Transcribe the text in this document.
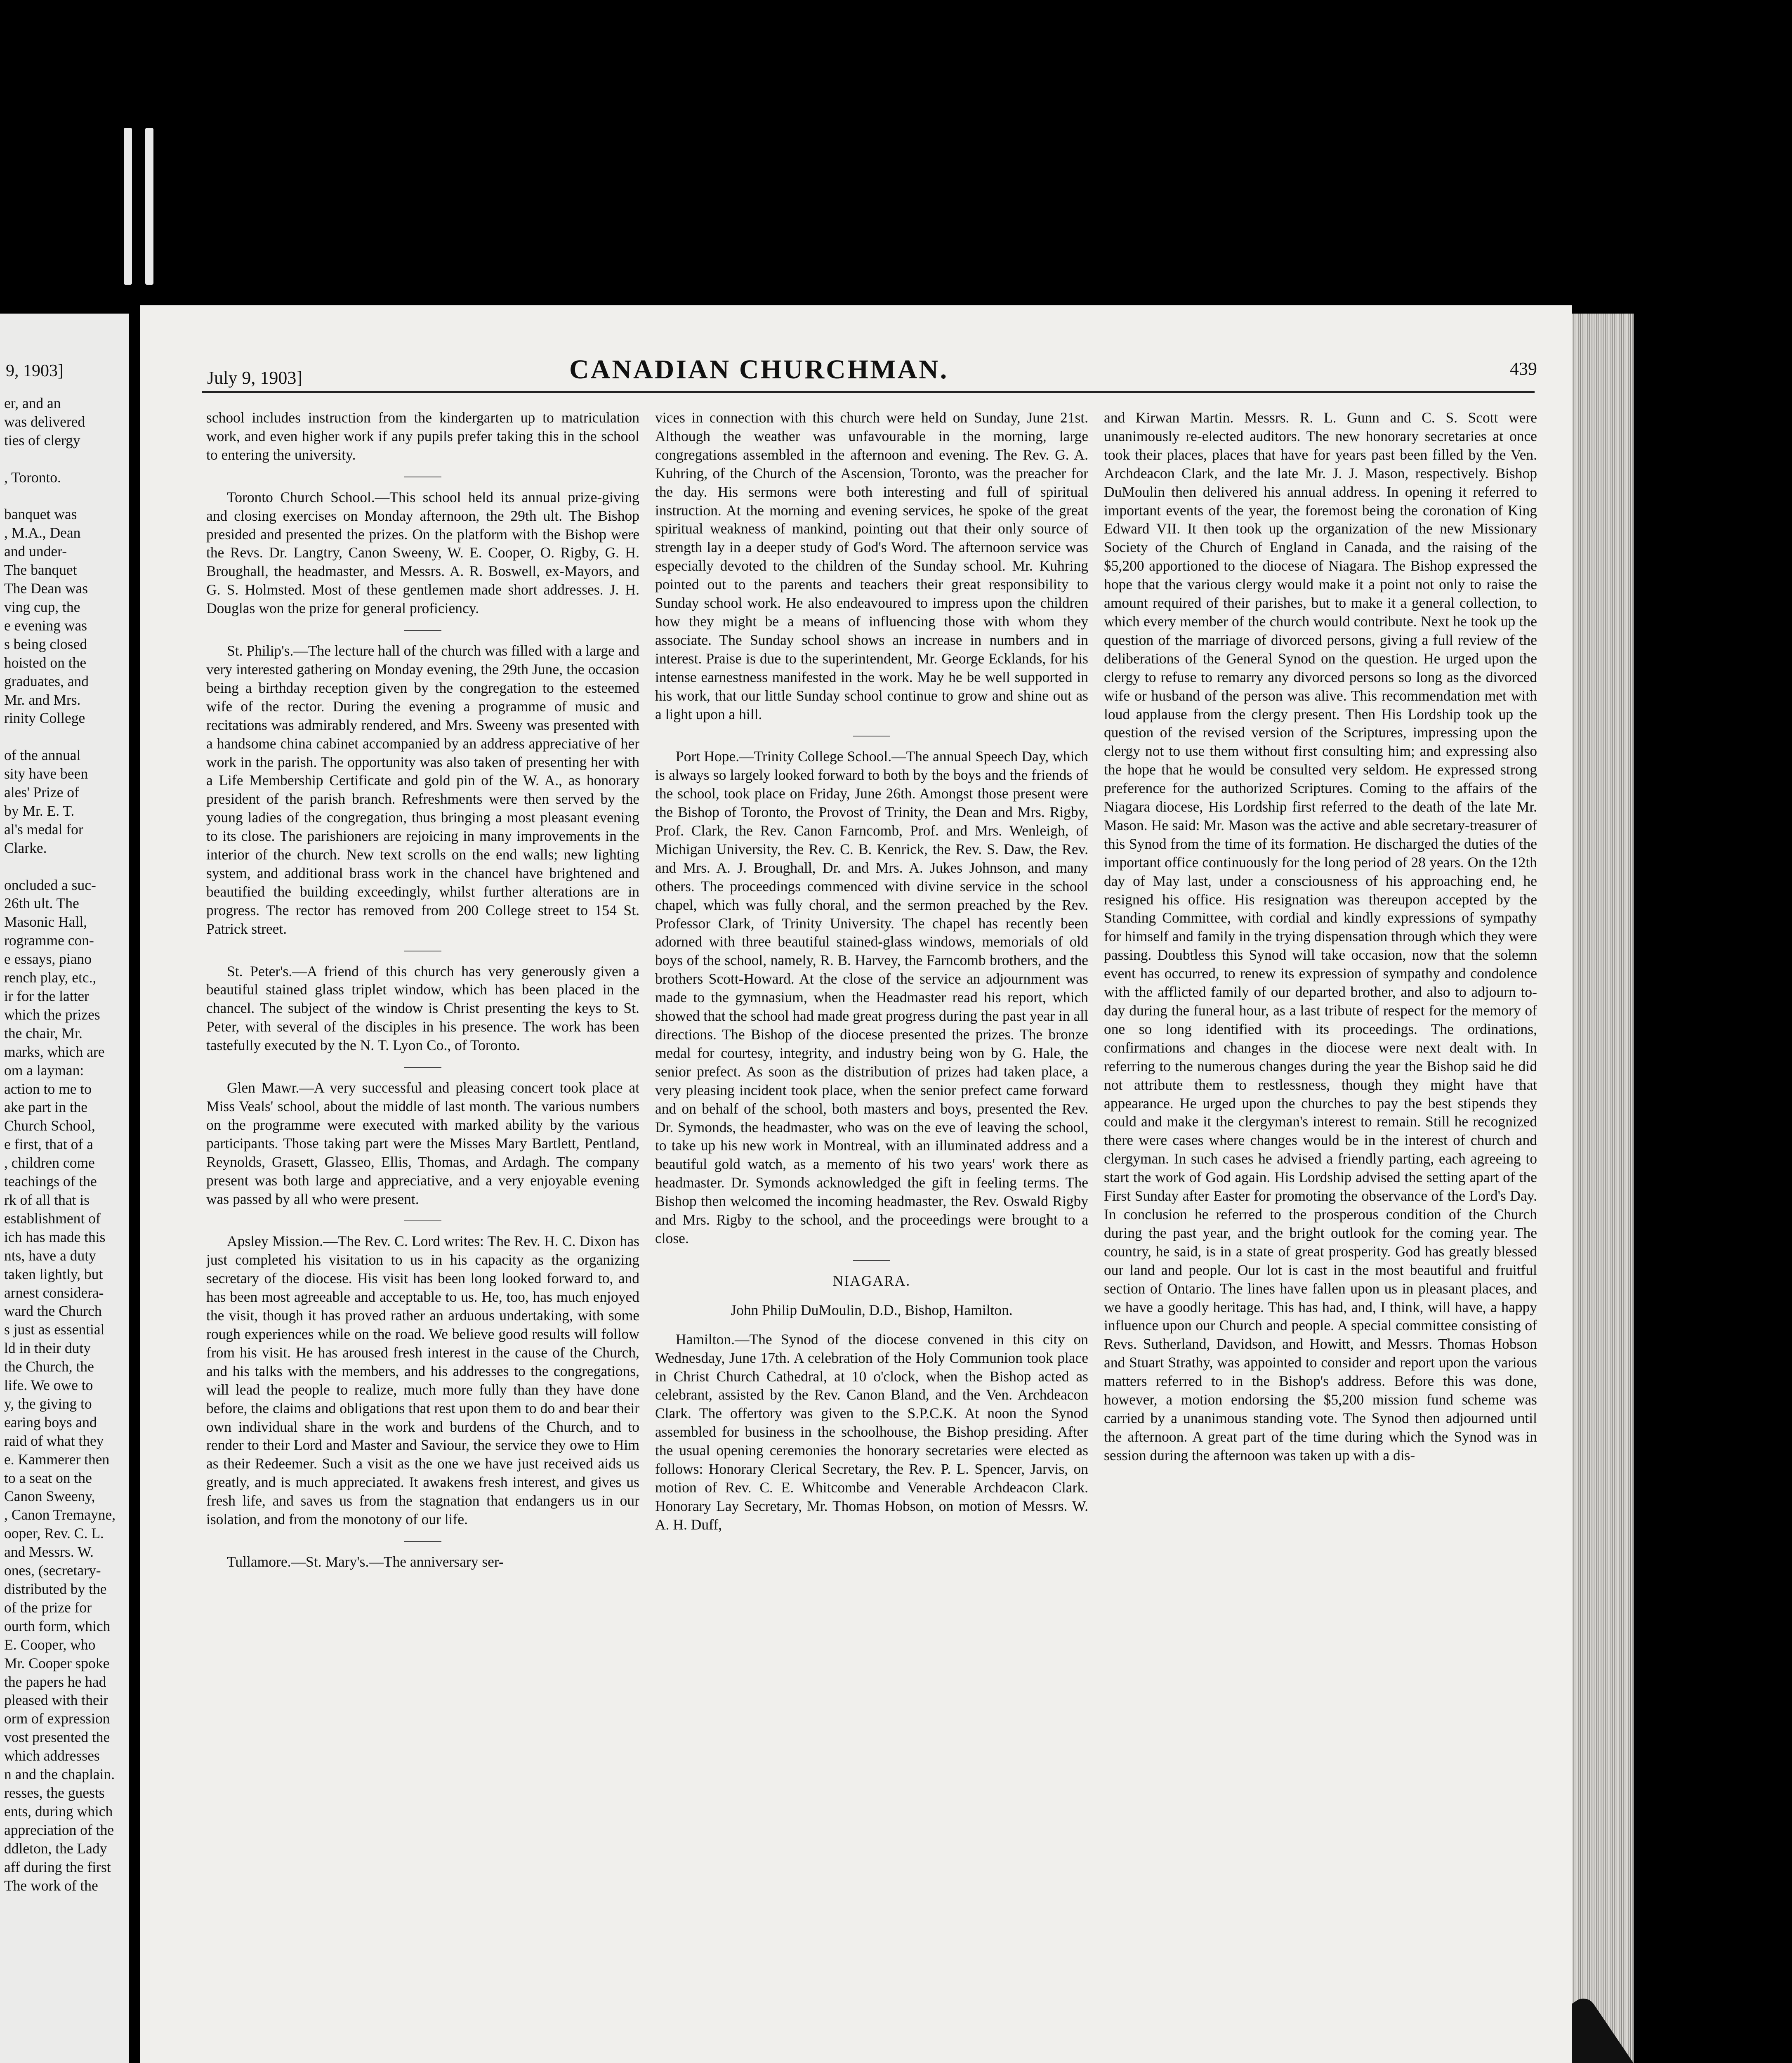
9, 1903]
er, and an
was delivered
ties of clergy

, Toronto.

banquet was
, M.A., Dean
and under-
The banquet
The Dean was
ving cup, the
e evening was
s being closed
hoisted on the
graduates, and
Mr. and Mrs.
rinity College

of the annual
sity have been
ales' Prize of
by Mr. E. T.
al's medal for
Clarke.

oncluded a suc-
26th ult. The
Masonic Hall,
rogramme con-
e essays, piano
rench play, etc.,
ir for the latter
which the prizes
the chair, Mr.
marks, which are
om a layman:
action to me to
ake part in the
Church School,
e first, that of a
, children come
teachings of the
rk of all that is
establishment of
ich has made this
nts, have a duty
taken lightly, but
arnest considera-
ward the Church
s just as essential
ld in their duty
the Church, the
life. We owe to
y, the giving to
earing boys and
raid of what they
e. Kammerer then
to a seat on the
Canon Sweeny,
, Canon Tremayne,
ooper, Rev. C. L.
and Messrs. W.
ones, (secretary-
distributed by the
of the prize for
ourth form, which
E. Cooper, who
Mr. Cooper spoke
the papers he had
pleased with their
orm of expression
vost presented the
which addresses
n and the chaplain.
resses, the guests
ents, during which
appreciation of the
ddleton, the Lady
aff during the first
The work of the
July 9, 1903]	CANADIAN CHURCHMAN.	439

school includes instruction from the kindergarten up to matriculation work, and even higher work if any pupils prefer taking this in the school to entering the university.

Toronto Church School.—This school held its annual prize-giving and closing exercises on Monday afternoon, the 29th ult. The Bishop presided and presented the prizes. On the platform with the Bishop were the Revs. Dr. Langtry, Canon Sweeny, W. E. Cooper, O. Rigby, G. H. Broughall, the headmaster, and Messrs. A. R. Boswell, ex-Mayors, and G. S. Holmsted. Most of these gentlemen made short addresses. J. H. Douglas won the prize for general proficiency.

St. Philip's.—The lecture hall of the church was filled with a large and very interested gathering on Monday evening, the 29th June, the occasion being a birthday reception given by the congregation to the esteemed wife of the rector. During the evening a programme of music and recitations was admirably rendered, and Mrs. Sweeny was presented with a handsome china cabinet accompanied by an address appreciative of her work in the parish. The opportunity was also taken of presenting her with a Life Membership Certificate and gold pin of the W. A., as honorary president of the parish branch. Refreshments were then served by the young ladies of the congregation, thus bringing a most pleasant evening to its close. The parishioners are rejoicing in many improvements in the interior of the church. New text scrolls on the end walls; new lighting system, and additional brass work in the chancel have brightened and beautified the building exceedingly, whilst further alterations are in progress. The rector has removed from 200 College street to 154 St. Patrick street.

St. Peter's.—A friend of this church has very generously given a beautiful stained glass triplet window, which has been placed in the chancel. The subject of the window is Christ presenting the keys to St. Peter, with several of the disciples in his presence. The work has been tastefully executed by the N. T. Lyon Co., of Toronto.

Glen Mawr.—A very successful and pleasing concert took place at Miss Veals' school, about the middle of last month. The various numbers on the programme were executed with marked ability by the various participants. Those taking part were the Misses Mary Bartlett, Pentland, Reynolds, Grasett, Glasseo, Ellis, Thomas, and Ardagh. The company present was both large and appreciative, and a very enjoyable evening was passed by all who were present.

Apsley Mission.—The Rev. C. Lord writes: The Rev. H. C. Dixon has just completed his visitation to us in his capacity as the organizing secretary of the diocese. His visit has been long looked forward to, and has been most agreeable and acceptable to us. He, too, has much enjoyed the visit, though it has proved rather an arduous undertaking, with some rough experiences while on the road. We believe good results will follow from his visit. He has aroused fresh interest in the cause of the Church, and his talks with the members, and his addresses to the congregations, will lead the people to realize, much more fully than they have done before, the claims and obligations that rest upon them to do and bear their own individual share in the work and burdens of the Church, and to render to their Lord and Master and Saviour, the service they owe to Him as their Redeemer. Such a visit as the one we have just received aids us greatly, and is much appreciated. It awakens fresh interest, and gives us fresh life, and saves us from the stagnation that endangers us in our isolation, and from the monotony of our life.

Tullamore.—St. Mary's.—The anniversary ser-

vices in connection with this church were held on Sunday, June 21st. Although the weather was unfavourable in the morning, large congregations assembled in the afternoon and evening. The Rev. G. A. Kuhring, of the Church of the Ascension, Toronto, was the preacher for the day. His sermons were both interesting and full of spiritual instruction. At the morning and evening services, he spoke of the great spiritual weakness of mankind, pointing out that their only source of strength lay in a deeper study of God's Word. The afternoon service was especially devoted to the children of the Sunday school. Mr. Kuhring pointed out to the parents and teachers their great responsibility to Sunday school work. He also endeavoured to impress upon the children how they might be a means of influencing those with whom they associate. The Sunday school shows an increase in numbers and in interest. Praise is due to the superintendent, Mr. George Ecklands, for his intense earnestness manifested in the work. May he be well supported in his work, that our little Sunday school continue to grow and shine out as a light upon a hill.

Port Hope.—Trinity College School.—The annual Speech Day, which is always so largely looked forward to both by the boys and the friends of the school, took place on Friday, June 26th. Amongst those present were the Bishop of Toronto, the Provost of Trinity, the Dean and Mrs. Rigby, Prof. Clark, the Rev. Canon Farncomb, Prof. and Mrs. Wenleigh, of Michigan University, the Rev. C. B. Kenrick, the Rev. S. Daw, the Rev. and Mrs. A. J. Broughall, Dr. and Mrs. A. Jukes Johnson, and many others. The proceedings commenced with divine service in the school chapel, which was fully choral, and the sermon preached by the Rev. Professor Clark, of Trinity University. The chapel has recently been adorned with three beautiful stained-glass windows, memorials of old boys of the school, namely, R. B. Harvey, the Farncomb brothers, and the brothers Scott-Howard. At the close of the service an adjournment was made to the gymnasium, when the Headmaster read his report, which showed that the school had made great progress during the past year in all directions. The Bishop of the diocese presented the prizes. The bronze medal for courtesy, integrity, and industry being won by G. Hale, the senior prefect. As soon as the distribution of prizes had taken place, a very pleasing incident took place, when the senior prefect came forward and on behalf of the school, both masters and boys, presented the Rev. Dr. Symonds, the headmaster, who was on the eve of leaving the school, to take up his new work in Montreal, with an illuminated address and a beautiful gold watch, as a memento of his two years' work there as headmaster. Dr. Symonds acknowledged the gift in feeling terms. The Bishop then welcomed the incoming headmaster, the Rev. Oswald Rigby and Mrs. Rigby to the school, and the proceedings were brought to a close.

NIAGARA.
John Philip DuMoulin, D.D., Bishop, Hamilton.

Hamilton.—The Synod of the diocese convened in this city on Wednesday, June 17th. A celebration of the Holy Communion took place in Christ Church Cathedral, at 10 o'clock, when the Bishop acted as celebrant, assisted by the Rev. Canon Bland, and the Ven. Archdeacon Clark. The offertory was given to the S.P.C.K. At noon the Synod assembled for business in the schoolhouse, the Bishop presiding. After the usual opening ceremonies the honorary secretaries were elected as follows: Honorary Clerical Secretary, the Rev. P. L. Spencer, Jarvis, on motion of Rev. C. E. Whitcombe and Venerable Archdeacon Clark. Honorary Lay Secretary, Mr. Thomas Hobson, on motion of Messrs. W. A. H. Duff,

and Kirwan Martin. Messrs. R. L. Gunn and C. S. Scott were unanimously re-elected auditors. The new honorary secretaries at once took their places, places that have for years past been filled by the Ven. Archdeacon Clark, and the late Mr. J. J. Mason, respectively. Bishop DuMoulin then delivered his annual address. In opening it referred to important events of the year, the foremost being the coronation of King Edward VII. It then took up the organization of the new Missionary Society of the Church of England in Canada, and the raising of the $5,200 apportioned to the diocese of Niagara. The Bishop expressed the hope that the various clergy would make it a point not only to raise the amount required of their parishes, but to make it a general collection, to which every member of the church would contribute. Next he took up the question of the marriage of divorced persons, giving a full review of the deliberations of the General Synod on the question. He urged upon the clergy to refuse to remarry any divorced persons so long as the divorced wife or husband of the person was alive. This recommendation met with loud applause from the clergy present. Then His Lordship took up the question of the revised version of the Scriptures, impressing upon the clergy not to use them without first consulting him; and expressing also the hope that he would be consulted very seldom. He expressed strong preference for the authorized Scriptures. Coming to the affairs of the Niagara diocese, His Lordship first referred to the death of the late Mr. Mason. He said: Mr. Mason was the active and able secretary-treasurer of this Synod from the time of its formation. He discharged the duties of the important office continuously for the long period of 28 years. On the 12th day of May last, under a consciousness of his approaching end, he resigned his office. His resignation was thereupon accepted by the Standing Committee, with cordial and kindly expressions of sympathy for himself and family in the trying dispensation through which they were passing. Doubtless this Synod will take occasion, now that the solemn event has occurred, to renew its expression of sympathy and condolence with the afflicted family of our departed brother, and also to adjourn to-day during the funeral hour, as a last tribute of respect for the memory of one so long identified with its proceedings. The ordinations, confirmations and changes in the diocese were next dealt with. In referring to the numerous changes during the year the Bishop said he did not attribute them to restlessness, though they might have that appearance. He urged upon the churches to pay the best stipends they could and make it the clergyman's interest to remain. Still he recognized there were cases where changes would be in the interest of church and clergyman. In such cases he advised a friendly parting, each agreeing to start the work of God again. His Lordship advised the setting apart of the First Sunday after Easter for promoting the observance of the Lord's Day. In conclusion he referred to the prosperous condition of the Church during the past year, and the bright outlook for the coming year. The country, he said, is in a state of great prosperity. God has greatly blessed our land and people. Our lot is cast in the most beautiful and fruitful section of Ontario. The lines have fallen upon us in pleasant places, and we have a goodly heritage. This has had, and, I think, will have, a happy influence upon our Church and people. A special committee consisting of Revs. Sutherland, Davidson, and Howitt, and Messrs. Thomas Hobson and Stuart Strathy, was appointed to consider and report upon the various matters referred to in the Bishop's address. Before this was done, however, a motion endorsing the $5,200 mission fund scheme was carried by a unanimous standing vote. The Synod then adjourned until the afternoon. A great part of the time during which the Synod was in session during the afternoon was taken up with a dis-
